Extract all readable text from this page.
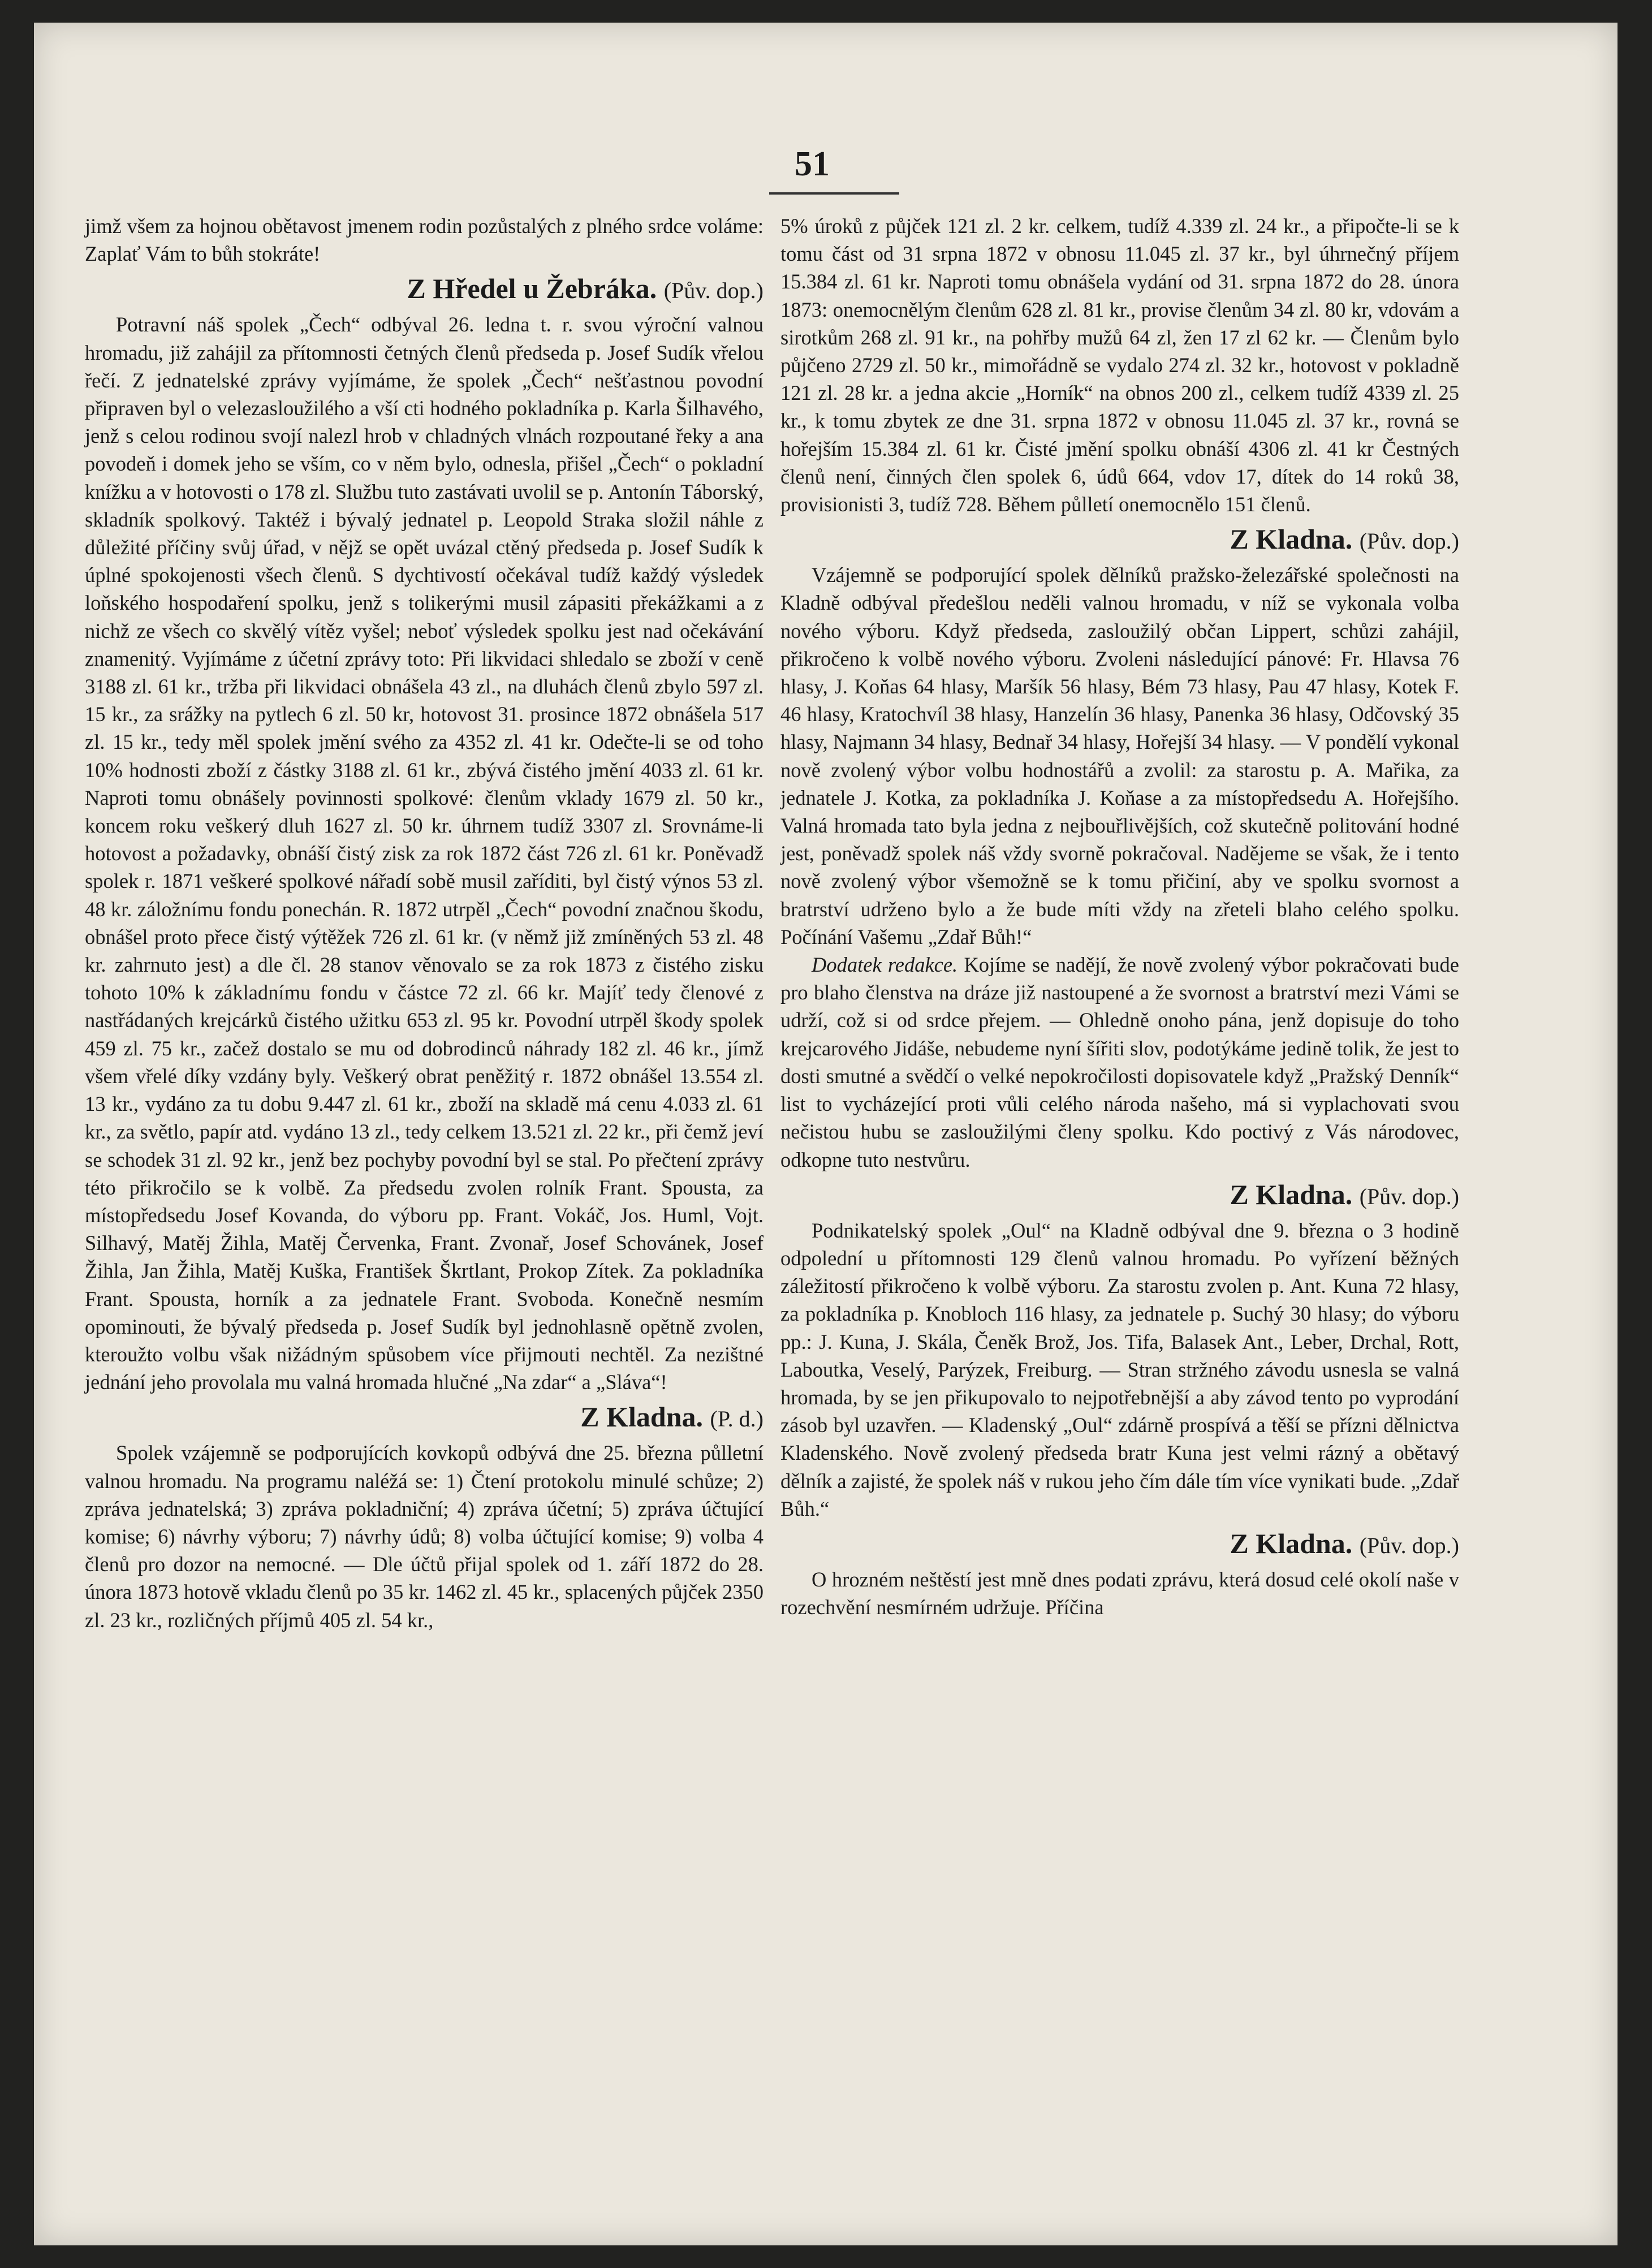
51

jimž všem za hojnou obětavost jmenem rodin pozůstalých z plného srdce voláme: Zaplať Vám to bůh stokráte!

Z Hředel u Žebráka. (Pův. dop.)

Potravní náš spolek „Čech“ odbýval 26. ledna t. r. svou výroční valnou hromadu, již zahájil za přítomnosti četných členů předseda p. Josef Sudík vřelou řečí. Z jednatelské zprávy vyjímáme, že spolek „Čech“ nešťastnou povodní připraven byl o velezasloužilého a vší cti hodného pokladníka p. Karla Šilhavého, jenž s celou rodinou svojí nalezl hrob v chladných vlnách rozpoutané řeky a ana povodeň i domek jeho se vším, co v něm bylo, odnesla, přišel „Čech“ o pokladní knížku a v hotovosti o 178 zl. Službu tuto zastávati uvolil se p. Antonín Táborský, skladník spolkový. Taktéž i bývalý jednatel p. Leopold Straka složil náhle z důležité příčiny svůj úřad, v nějž se opět uvázal ctěný předseda p. Josef Sudík k úplné spokojenosti všech členů. S dychtivostí očekával tudíž každý výsledek loňského hospodaření spolku, jenž s tolikerými musil zápasiti překážkami a z nichž ze všech co skvělý vítěz vyšel; neboť výsledek spolku jest nad očekávání znamenitý. Vyjímáme z účetní zprávy toto: Při likvidaci shledalo se zboží v ceně 3188 zl. 61 kr., tržba při likvidaci obnášela 43 zl., na dluhách členů zbylo 597 zl. 15 kr., za srážky na pytlech 6 zl. 50 kr, hotovost 31. prosince 1872 obnášela 517 zl. 15 kr., tedy měl spolek jmění svého za 4352 zl. 41 kr. Odečte-li se od toho 10% hodnosti zboží z částky 3188 zl. 61 kr., zbývá čistého jmění 4033 zl. 61 kr. Naproti tomu obnášely povinnosti spolkové: členům vklady 1679 zl. 50 kr., koncem roku veškerý dluh 1627 zl. 50 kr. úhrnem tudíž 3307 zl. Srovnáme-li hotovost a požadavky, obnáší čistý zisk za rok 1872 část 726 zl. 61 kr. Poněvadž spolek r. 1871 veškeré spolkové nářadí sobě musil zaříditi, byl čistý výnos 53 zl. 48 kr. záložnímu fondu ponechán. R. 1872 utrpěl „Čech“ povodní značnou škodu, obnášel proto přece čistý výtěžek 726 zl. 61 kr. (v němž již zmíněných 53 zl. 48 kr. zahrnuto jest) a dle čl. 28 stanov věnovalo se za rok 1873 z čistého zisku tohoto 10% k základnímu fondu v částce 72 zl. 66 kr. Majíť tedy členové z nastřádaných krejcárků čistého užitku 653 zl. 95 kr. Povodní utrpěl škody spolek 459 zl. 75 kr., začež dostalo se mu od dobrodinců náhrady 182 zl. 46 kr., jímž všem vřelé díky vzdány byly. Veškerý obrat peněžitý r. 1872 obnášel 13.554 zl. 13 kr., vydáno za tu dobu 9.447 zl. 61 kr., zboží na skladě má cenu 4.033 zl. 61 kr., za světlo, papír atd. vydáno 13 zl., tedy celkem 13.521 zl. 22 kr., při čemž jeví se schodek 31 zl. 92 kr., jenž bez pochyby povodní byl se stal. Po přečtení zprávy této přikročilo se k volbě. Za předsedu zvolen rolník Frant. Spousta, za místopředsedu Josef Kovanda, do výboru pp. Frant. Vokáč, Jos. Huml, Vojt. Silhavý, Matěj Žihla, Matěj Červenka, Frant. Zvonař, Josef Schovánek, Josef Žihla, Jan Žihla, Matěj Kuška, František Škrtlant, Prokop Zítek. Za pokladníka Frant. Spousta, horník a za jednatele Frant. Svoboda. Konečně nesmím opominouti, že bývalý předseda p. Josef Sudík byl jednohlasně opětně zvolen, kteroužto volbu však nižádným spůsobem více přijmouti nechtěl. Za nezištné jednání jeho provolala mu valná hromada hlučné „Na zdar“ a „Sláva“!

Z Kladna. (P. d.)

Spolek vzájemně se podporujících kovkopů odbývá dne 25. března půlletní valnou hromadu. Na programu naléžá se: 1) Čtení protokolu minulé schůze; 2) zpráva jednatelská; 3) zpráva pokladniční; 4) zpráva účetní; 5) zpráva účtující komise; 6) návrhy výboru; 7) návrhy údů; 8) volba účtující komise; 9) volba 4 členů pro dozor na nemocné. — Dle účtů přijal spolek od 1. září 1872 do 28. února 1873 hotově vkladu členů po 35 kr. 1462 zl. 45 kr., splacených půjček 2350 zl. 23 kr., rozličných příjmů 405 zl. 54 kr.,

5% úroků z půjček 121 zl. 2 kr. celkem, tudíž 4.339 zl. 24 kr., a připočte-li se k tomu část od 31 srpna 1872 v obnosu 11.045 zl. 37 kr., byl úhrnečný příjem 15.384 zl. 61 kr. Naproti tomu obnášela vydání od 31. srpna 1872 do 28. února 1873: onemocnělým členům 628 zl. 81 kr., provise členům 34 zl. 80 kr, vdovám a sirotkům 268 zl. 91 kr., na pohřby mužů 64 zl, žen 17 zl 62 kr. — Členům bylo půjčeno 2729 zl. 50 kr., mimořádně se vydalo 274 zl. 32 kr., hotovost v pokladně 121 zl. 28 kr. a jedna akcie „Horník“ na obnos 200 zl., celkem tudíž 4339 zl. 25 kr., k tomu zbytek ze dne 31. srpna 1872 v obnosu 11.045 zl. 37 kr., rovná se hořejším 15.384 zl. 61 kr. Čisté jmění spolku obnáší 4306 zl. 41 kr Čestných členů není, činných člen spolek 6, údů 664, vdov 17, dítek do 14 roků 38, provisionisti 3, tudíž 728. Během půlletí onemocnělo 151 členů.

Z Kladna. (Pův. dop.)

Vzájemně se podporující spolek dělníků pražsko-železářské společnosti na Kladně odbýval předešlou neděli valnou hromadu, v níž se vykonala volba nového výboru. Když předseda, zasloužilý občan Lippert, schůzi zahájil, přikročeno k volbě nového výboru. Zvoleni následující pánové: Fr. Hlavsa 76 hlasy, J. Koňas 64 hlasy, Maršík 56 hlasy, Bém 73 hlasy, Pau 47 hlasy, Kotek F. 46 hlasy, Kratochvíl 38 hlasy, Hanzelín 36 hlasy, Panenka 36 hlasy, Odčovský 35 hlasy, Najmann 34 hlasy, Bednař 34 hlasy, Hořejší 34 hlasy. — V pondělí vykonal nově zvolený výbor volbu hodnostářů a zvolil: za starostu p. A. Mařika, za jednatele J. Kotka, za pokladníka J. Koňase a za místopředsedu A. Hořejšího. Valná hromada tato byla jedna z nejbouřlivějších, což skutečně politování hodné jest, poněvadž spolek náš vždy svorně pokračoval. Nadějeme se však, že i tento nově zvolený výbor všemožně se k tomu přičiní, aby ve spolku svornost a bratrství udrženo bylo a že bude míti vždy na zřeteli blaho celého spolku. Počínání Vašemu „Zdař Bůh!“

Dodatek redakce. Kojíme se nadějí, že nově zvolený výbor pokračovati bude pro blaho členstva na dráze již nastoupené a že svornost a bratrství mezi Vámi se udrží, což si od srdce přejem. — Ohledně onoho pána, jenž dopisuje do toho krejcarového Jidáše, nebudeme nyní šířiti slov, podotýkáme jedině tolik, že jest to dosti smutné a svědčí o velké nepokročilosti dopisovatele když „Pražský Denník“ list to vycházející proti vůli celého národa našeho, má si vyplachovati svou nečistou hubu se zasloužilými členy spolku. Kdo poctivý z Vás národovec, odkopne tuto nestvůru.

Z Kladna. (Pův. dop.)

Podnikatelský spolek „Oul“ na Kladně odbýval dne 9. března o 3 hodině odpolední u přítomnosti 129 členů valnou hromadu. Po vyřízení běžných záležitostí přikročeno k volbě výboru. Za starostu zvolen p. Ant. Kuna 72 hlasy, za pokladníka p. Knobloch 116 hlasy, za jednatele p. Suchý 30 hlasy; do výboru pp.: J. Kuna, J. Skála, Čeněk Brož, Jos. Tifa, Balasek Ant., Leber, Drchal, Rott, Laboutka, Veselý, Parýzek, Freiburg. — Stran stržného závodu usnesla se valná hromada, by se jen přikupovalo to nejpotřebnější a aby závod tento po vyprodání zásob byl uzavřen. — Kladenský „Oul“ zdárně prospívá a těší se přízni dělnictva Kladenského. Nově zvolený předseda bratr Kuna jest velmi rázný a obětavý dělník a zajisté, že spolek náš v rukou jeho čím dále tím více vynikati bude. „Zdař Bůh.“

Z Kladna. (Pův. dop.)

O hrozném neštěstí jest mně dnes podati zprávu, která dosud celé okolí naše v rozechvění nesmírném udržuje. Příčina
